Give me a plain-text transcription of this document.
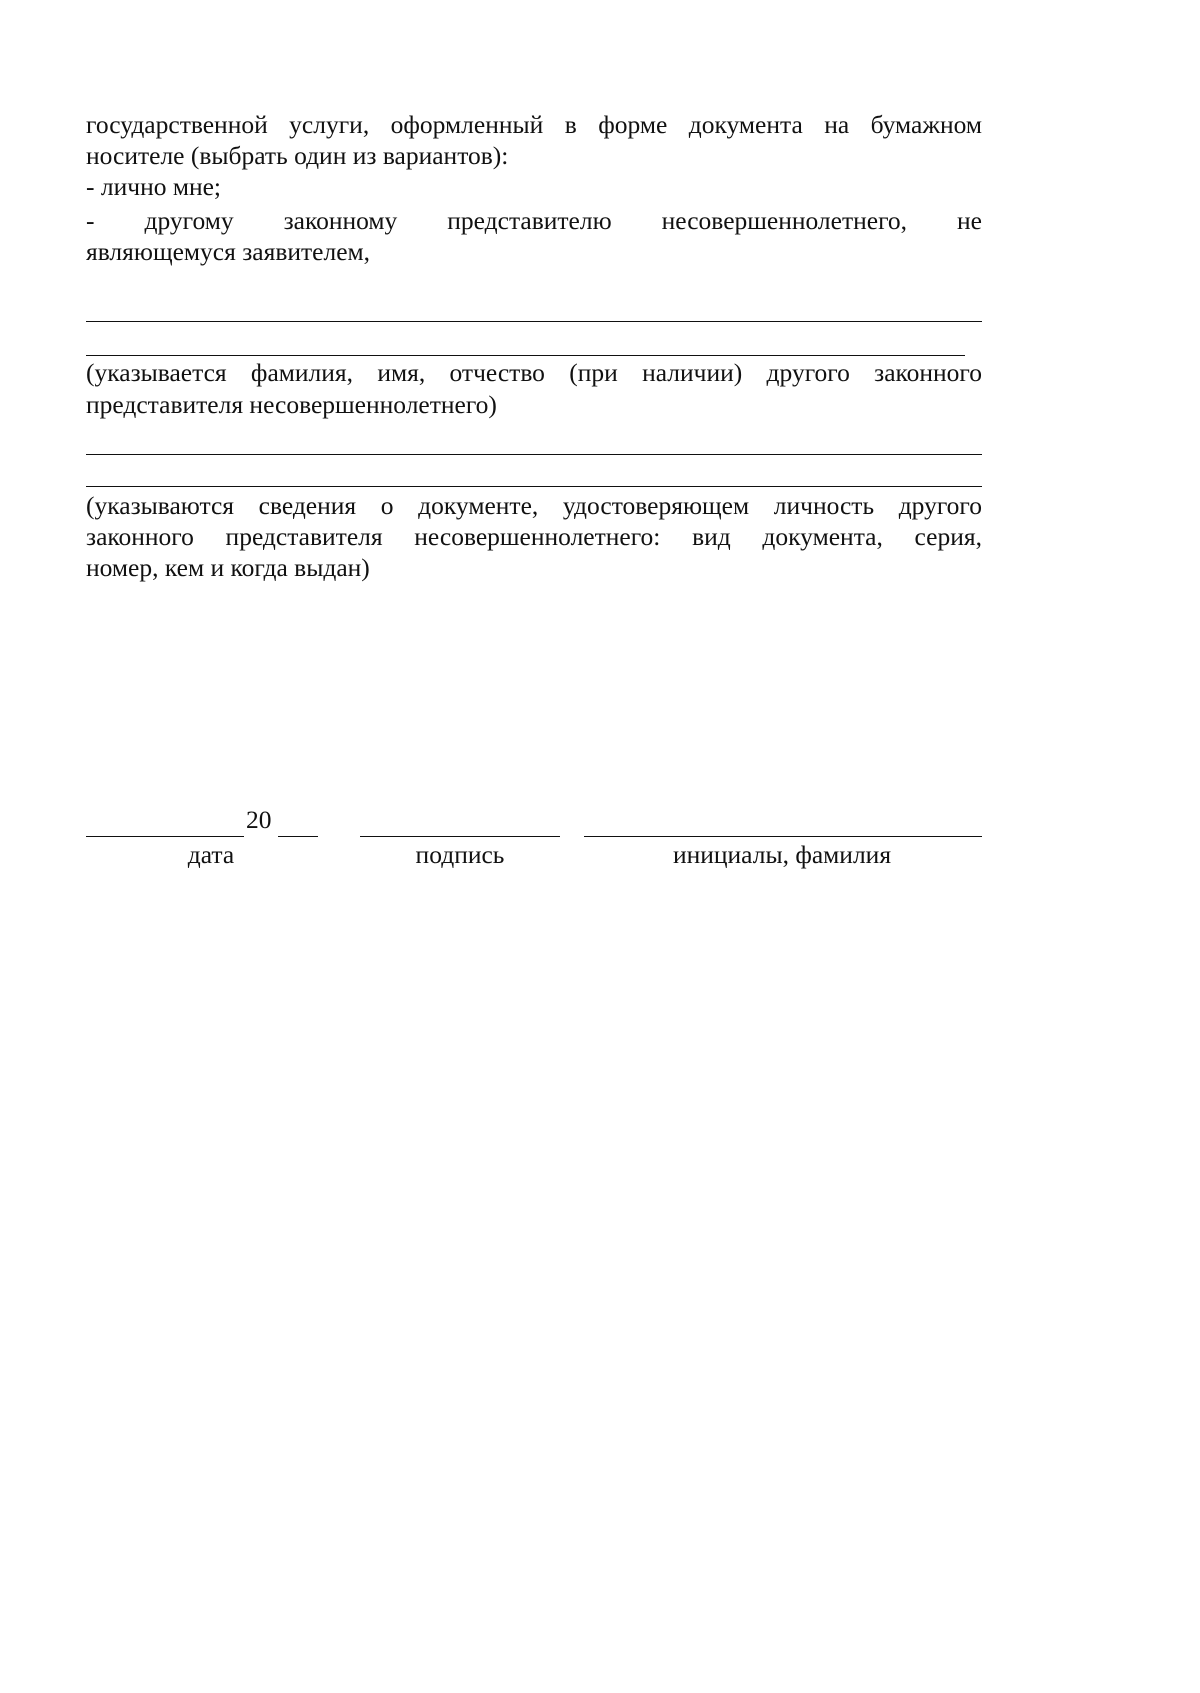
государственной услуги, оформленный в форме документа на бумажном
носителе (выбрать один из вариантов):
- лично мне;
- другому законному представителю несовершеннолетнего, не
являющемуся заявителем,
(указывается фамилия, имя, отчество (при наличии) другого законного
представителя несовершеннолетнего)
(указываются сведения о документе, удостоверяющем личность другого
законного представителя несовершеннолетнего: вид документа, серия,
номер, кем и когда выдан)
20
дата	подпись	инициалы, фамилия
